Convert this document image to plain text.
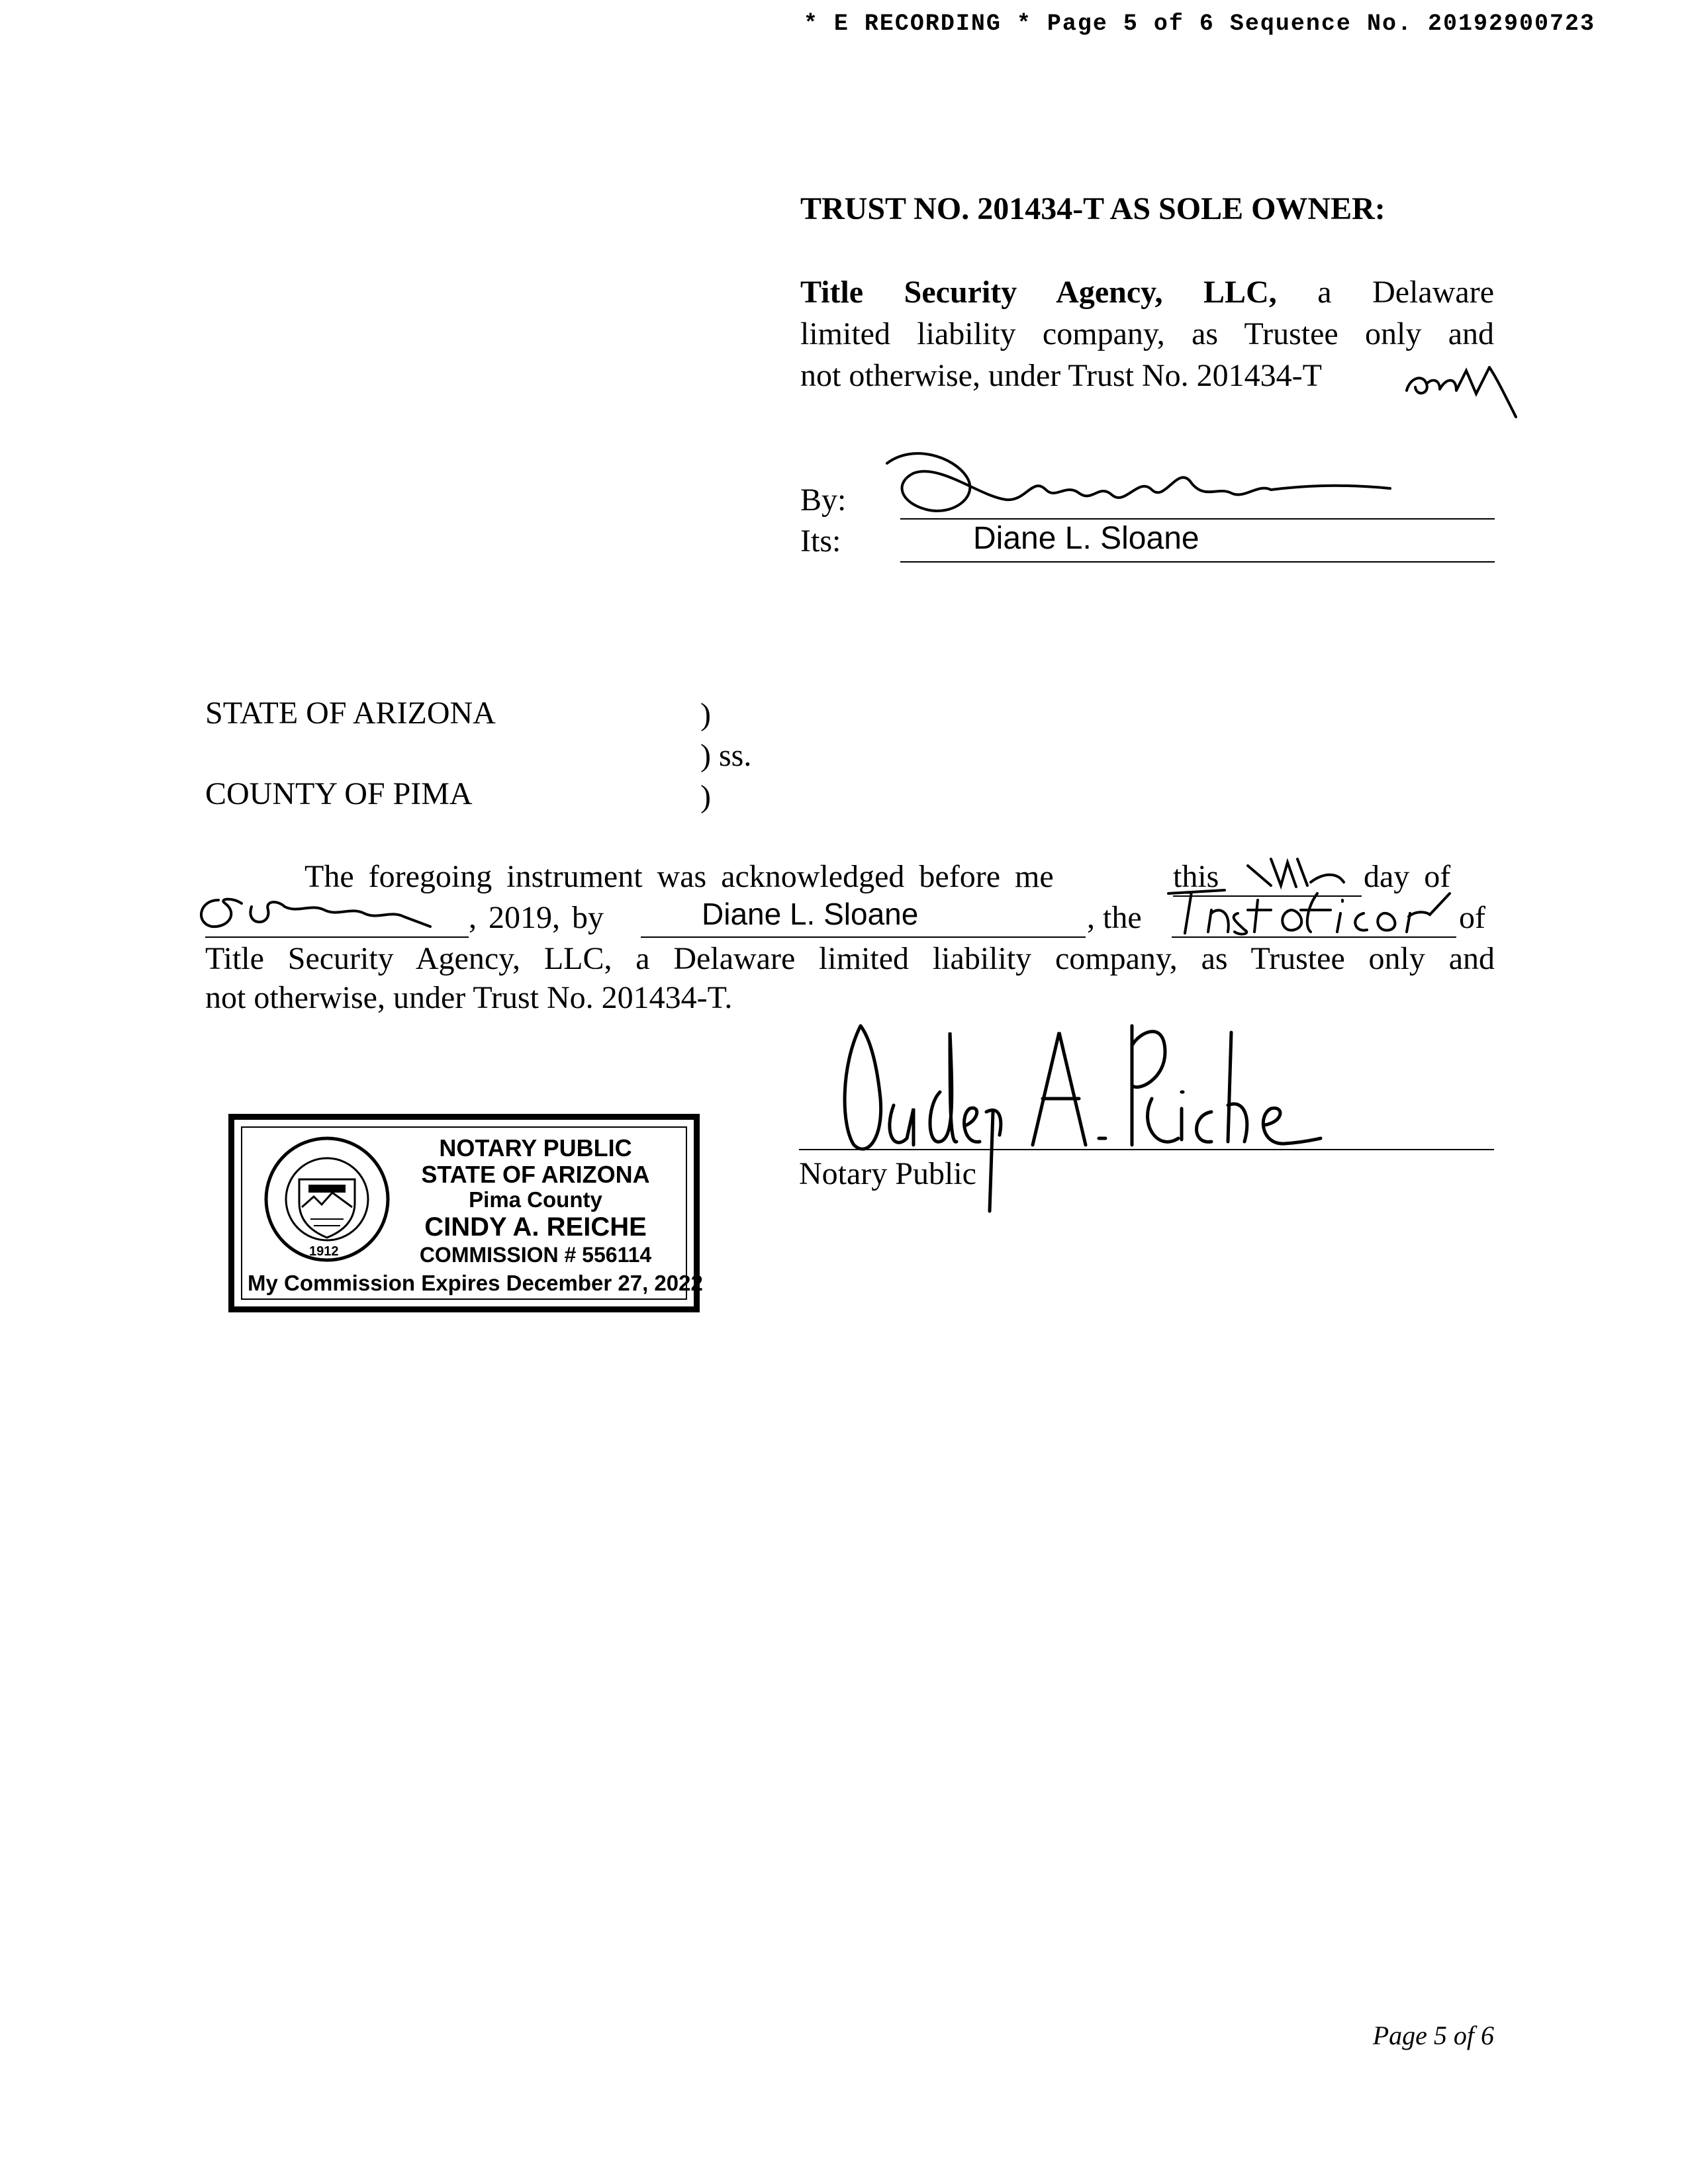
* E RECORDING * Page 5 of 6 Sequence No. 20192900723
TRUST NO. 201434-T AS SOLE OWNER:
Title Security Agency, LLC, a Delaware
limited liability company, as Trustee only and
not otherwise, under Trust No. 201434-T
By:
Its:	Diane L. Sloane
STATE OF ARIZONA
COUNTY OF PIMA
)
) ss.
)
The foregoing instrument was acknowledged before me	this	day of
, 2019, by	Diane L. Sloane	, the	of
Title Security Agency, LLC, a Delaware limited liability company, as Trustee only and
not otherwise, under Trust No. 201434-T.
Notary Public
1912
NOTARY PUBLIC
STATE OF ARIZONA
Pima County
CINDY A. REICHE
COMMISSION # 556114
My Commission Expires December 27, 2022
Page 5 of 6
